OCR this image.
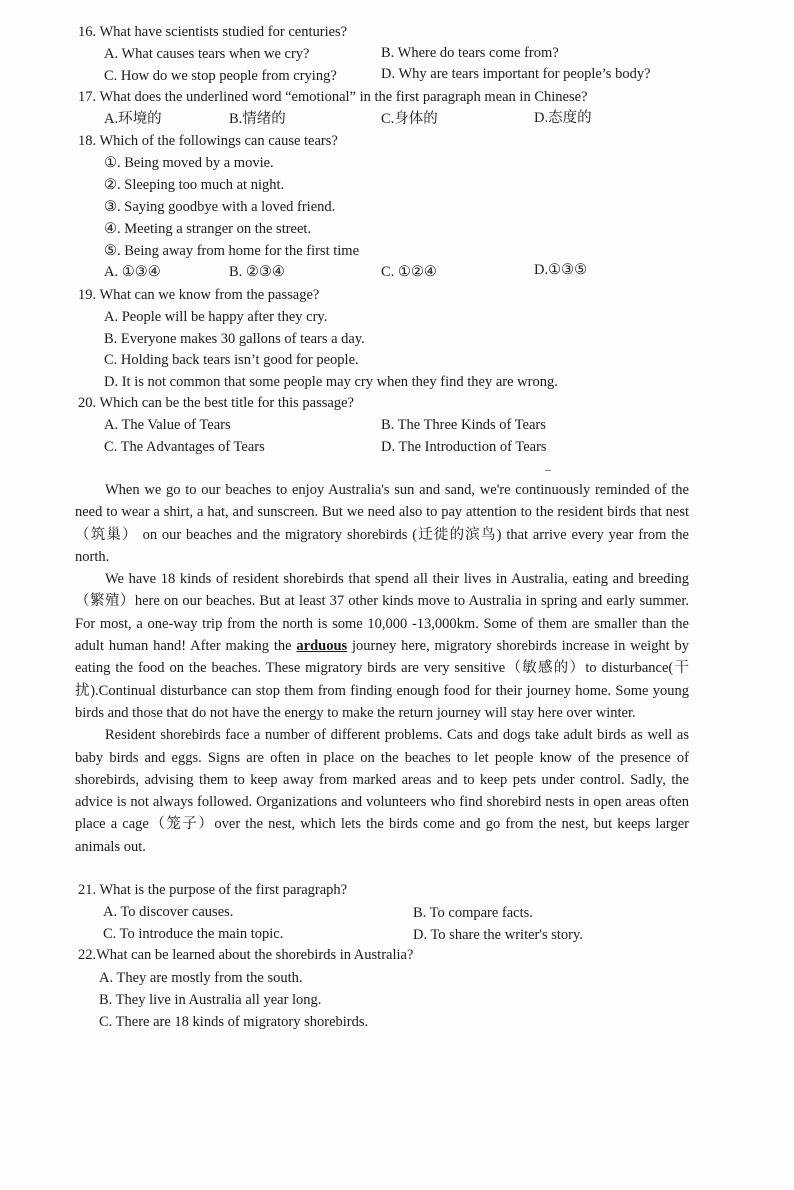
16. What have scientists studied for centuries?
A. What causes tears when we cry?	B. Where do tears come from?
C. How do we stop people from crying?	D. Why are tears important for people’s body?
17. What does the underlined word “emotional” in the first paragraph mean in Chinese?
A.环境的	B.情绪的	C.身体的	D.态度的
18. Which of the followings can cause tears?
①. Being moved by a movie.
②. Sleeping too much at night.
③. Saying goodbye with a loved friend.
④. Meeting a stranger on the street.
⑤. Being away from home for the first time
A. ①③④	B. ②③④	C. ①②④	D.①③⑤
19. What can we know from the passage?
A. People will be happy after they cry.
B. Everyone makes 30 gallons of tears a day.
C. Holding back tears isn’t good for people.
D. It is not common that some people may cry when they find they are wrong.
20. Which can be the best title for this passage?
A. The Value of Tears	B. The Three Kinds of Tears
C. The Advantages of Tears	D. The Introduction of Tears

When we go to our beaches to enjoy Australia's sun and sand, we're continuously reminded of the need to wear a shirt, a hat, and sunscreen. But we need also to pay attention to the resident birds that nest（筑巢） on our beaches and the migratory shorebirds (迁徙的滨鸟) that arrive every year from the north.

We have 18 kinds of resident shorebirds that spend all their lives in Australia, eating and breeding（繁殖）here on our beaches. But at least 37 other kinds move to Australia in spring and early summer. For most, a one-way trip from the north is some 10,000 -13,000km. Some of them are smaller than the adult human hand! After making the arduous journey here, migratory shorebirds increase in weight by eating the food on the beaches. These migratory birds are very sensitive（敏感的）to disturbance(干扰).Continual disturbance can stop them from finding enough food for their journey home. Some young birds and those that do not have the energy to make the return journey will stay here over winter.

Resident shorebirds face a number of different problems. Cats and dogs take adult birds as well as baby birds and eggs. Signs are often in place on the beaches to let people know of the presence of shorebirds, advising them to keep away from marked areas and to keep pets under control. Sadly, the advice is not always followed. Organizations and volunteers who find shorebird nests in open areas often place a cage（笼子）over the nest, which lets the birds come and go from the nest, but keeps larger animals out.

21. What is the purpose of the first paragraph?
A. To discover causes.	B. To compare facts.
C. To introduce the main topic.	D. To share the writer's story.
22.What can be learned about the shorebirds in Australia?
A. They are mostly from the south.
B. They live in Australia all year long.
C. There are 18 kinds of migratory shorebirds.
